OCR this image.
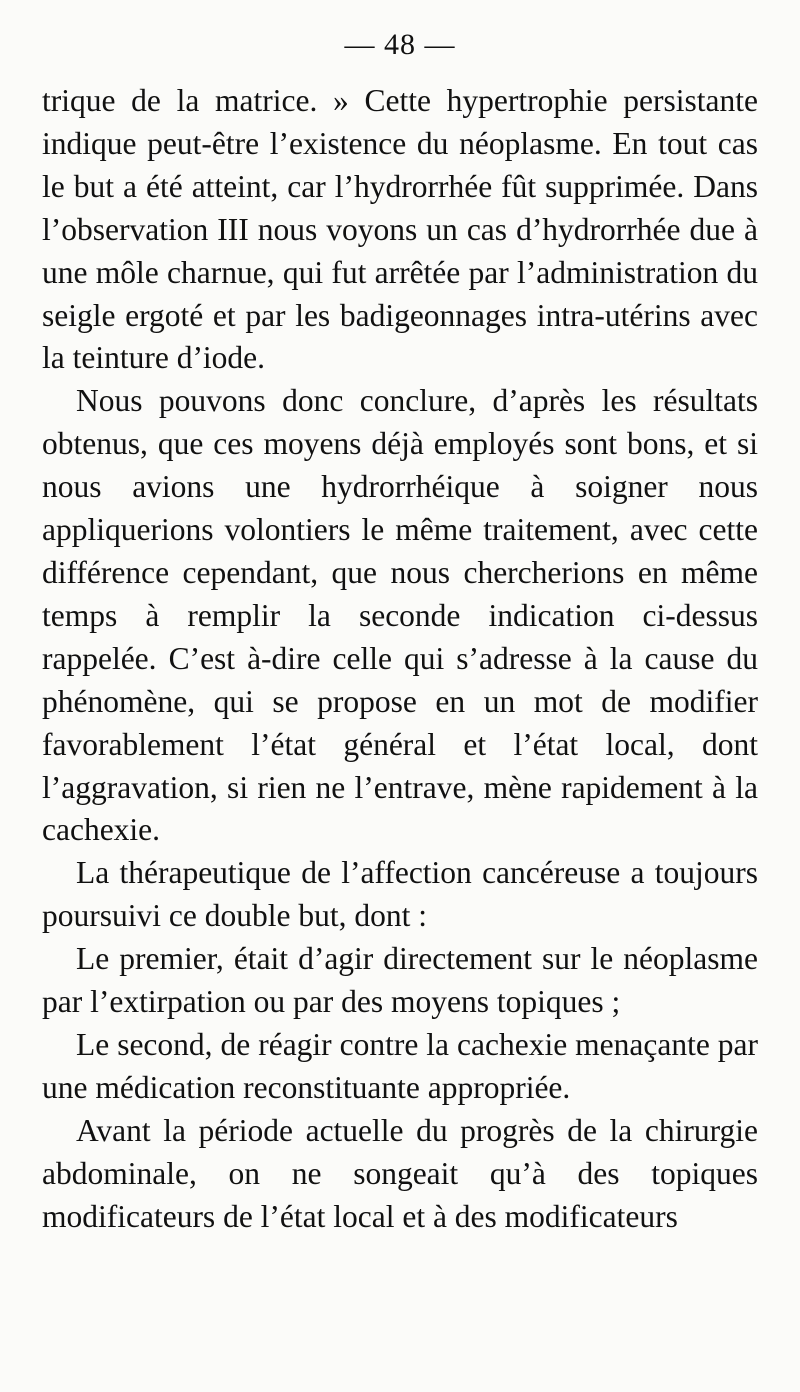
— 48 —

trique de la matrice. » Cette hypertrophie persistante indique peut-être l’existence du néoplasme. En tout cas le but a été atteint, car l’hydrorrhée fût supprimée. Dans l’observation III nous voyons un cas d’hydrorrhée due à une môle charnue, qui fut arrêtée par l’administration du seigle ergoté et par les badigeonnages intra-utérins avec la teinture d’iode.

Nous pouvons donc conclure, d’après les résultats obtenus, que ces moyens déjà employés sont bons, et si nous avions une hydrorrhéique à soigner nous appliquerions volontiers le même traitement, avec cette différence cependant, que nous chercherions en même temps à remplir la seconde indication ci-dessus rappelée. C’est à-dire celle qui s’adresse à la cause du phénomène, qui se propose en un mot de modifier favorablement l’état général et l’état local, dont l’aggravation, si rien ne l’entrave, mène rapidement à la cachexie.

La thérapeutique de l’affection cancéreuse a toujours poursuivi ce double but, dont :

Le premier, était d’agir directement sur le néoplasme par l’extirpation ou par des moyens topiques ;

Le second, de réagir contre la cachexie menaçante par une médication reconstituante appropriée.

Avant la période actuelle du progrès de la chirurgie abdominale, on ne songeait qu’à des topiques modificateurs de l’état local et à des modificateurs
